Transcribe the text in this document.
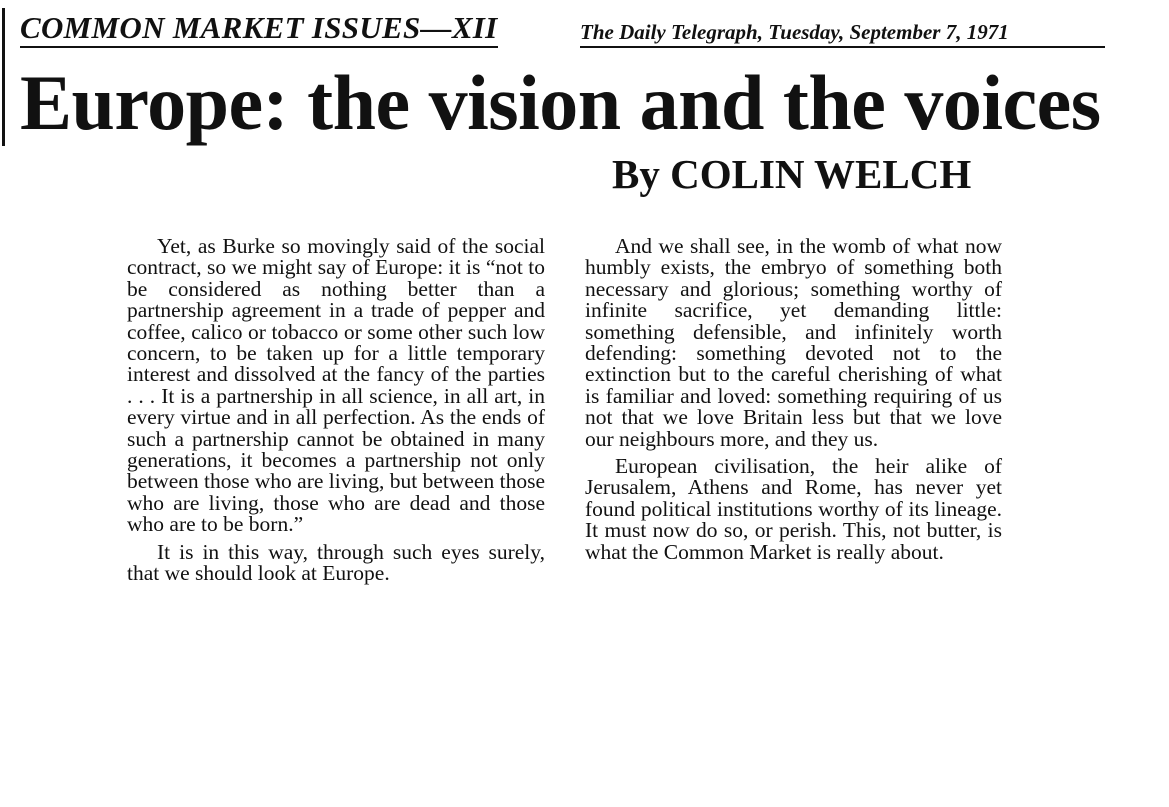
COMMON MARKET ISSUES—XII	The Daily Telegraph, Tuesday, September 7, 1971
Europe: the vision and the voices
By COLIN WELCH

Yet, as Burke so movingly said of the social contract, so we might say of Europe: it is “not to be considered as nothing better than a partnership agreement in a trade of pepper and coffee, calico or tobacco or some other such low concern, to be taken up for a little temporary interest and dissolved at the fancy of the parties . . . It is a partnership in all science, in all art, in every virtue and in all perfection. As the ends of such a partnership cannot be obtained in many generations, it becomes a partnership not only between those who are living, but between those who are living, those who are dead and those who are to be born.”

It is in this way, through such eyes surely, that we should look at Europe.

And we shall see, in the womb of what now humbly exists, the embryo of something both necessary and glorious; something worthy of infinite sacrifice, yet demanding little: something defensible, and infinitely worth defending: something devoted not to the extinction but to the careful cherishing of what is familiar and loved: something requiring of us not that we love Britain less but that we love our neighbours more, and they us.

European civilisation, the heir alike of Jerusalem, Athens and Rome, has never yet found political institutions worthy of its lineage. It must now do so, or perish. This, not butter, is what the Common Market is really about.
